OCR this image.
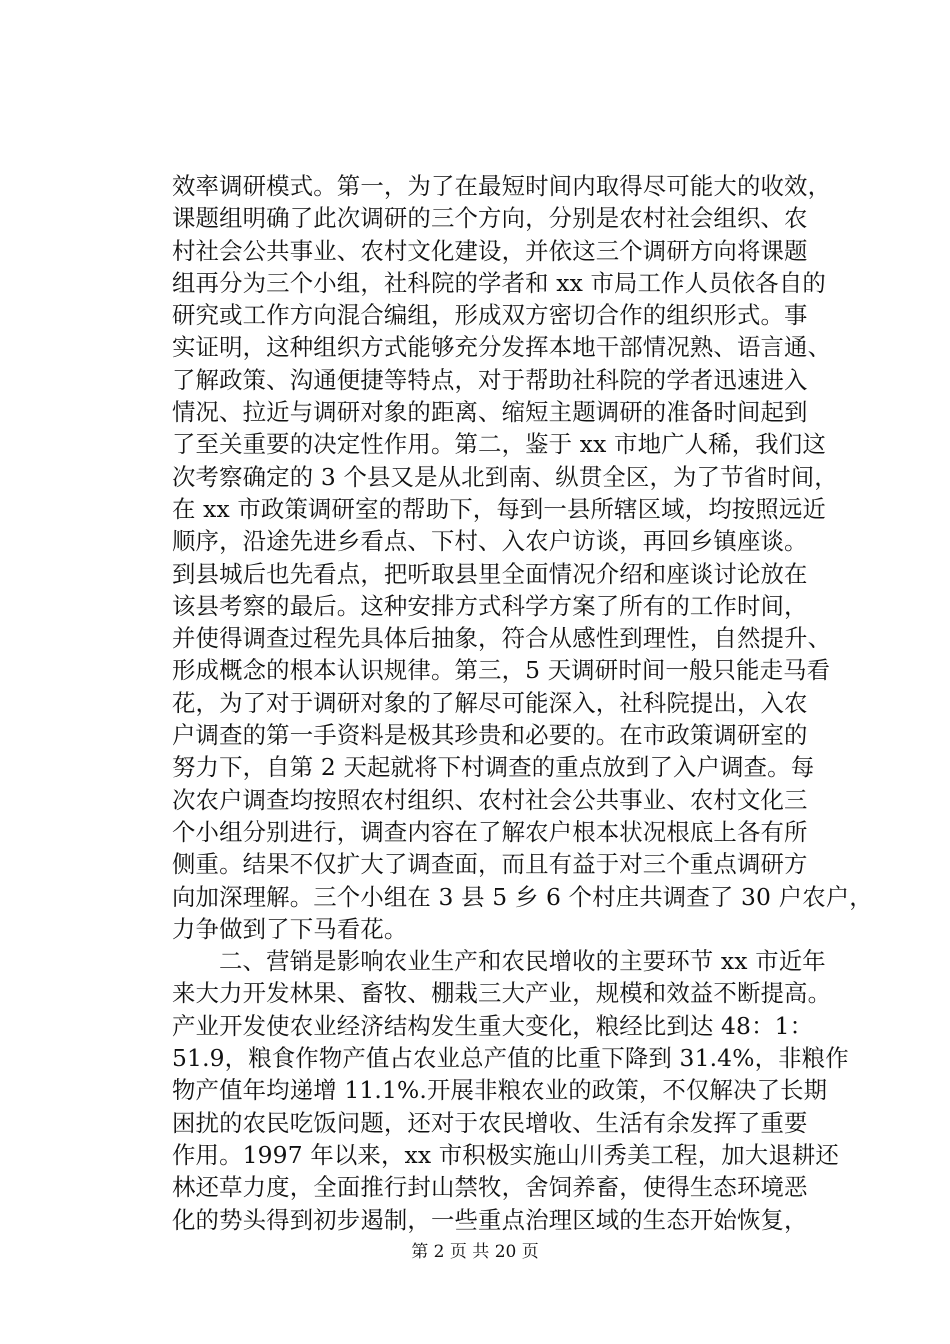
效率调研模式。第一，为了在最短时间内取得尽可能大的收效，
课题组明确了此次调研的三个方向，分别是农村社会组织、农
村社会公共事业、农村文化建设，并依这三个调研方向将课题
组再分为三个小组，社科院的学者和 xx 市局工作人员依各自的
研究或工作方向混合编组，形成双方密切合作的组织形式。事
实证明，这种组织方式能够充分发挥本地干部情况熟、语言通、
了解政策、沟通便捷等特点，对于帮助社科院的学者迅速进入
情况、拉近与调研对象的距离、缩短主题调研的准备时间起到
了至关重要的决定性作用。第二，鉴于 xx 市地广人稀，我们这
次考察确定的 3 个县又是从北到南、纵贯全区，为了节省时间，
在 xx 市政策调研室的帮助下，每到一县所辖区域，均按照远近
顺序，沿途先进乡看点、下村、入农户访谈，再回乡镇座谈。
到县城后也先看点，把听取县里全面情况介绍和座谈讨论放在
该县考察的最后。这种安排方式科学方案了所有的工作时间，
并使得调查过程先具体后抽象，符合从感性到理性，自然提升、
形成概念的根本认识规律。第三，5 天调研时间一般只能走马看
花，为了对于调研对象的了解尽可能深入，社科院提出，入农
户调查的第一手资料是极其珍贵和必要的。在市政策调研室的
努力下，自第 2 天起就将下村调查的重点放到了入户调查。每
次农户调查均按照农村组织、农村社会公共事业、农村文化三
个小组分别进行，调查内容在了解农户根本状况根底上各有所
侧重。结果不仅扩大了调查面，而且有益于对三个重点调研方
向加深理解。三个小组在 3 县 5 乡 6 个村庄共调查了 30 户农户，
力争做到了下马看花。
二、营销是影响农业生产和农民增收的主要环节 xx 市近年
来大力开发林果、畜牧、棚栽三大产业，规模和效益不断提高。
产业开发使农业经济结构发生重大变化，粮经比到达 48：1：
51.9，粮食作物产值占农业总产值的比重下降到 31.4%，非粮作
物产值年均递增 11.1%.开展非粮农业的政策，不仅解决了长期
困扰的农民吃饭问题，还对于农民增收、生活有余发挥了重要
作用。1997 年以来，xx 市积极实施山川秀美工程，加大退耕还
林还草力度，全面推行封山禁牧，舍饲养畜，使得生态环境恶
化的势头得到初步遏制，一些重点治理区域的生态开始恢复，
第 2 页 共 20 页
